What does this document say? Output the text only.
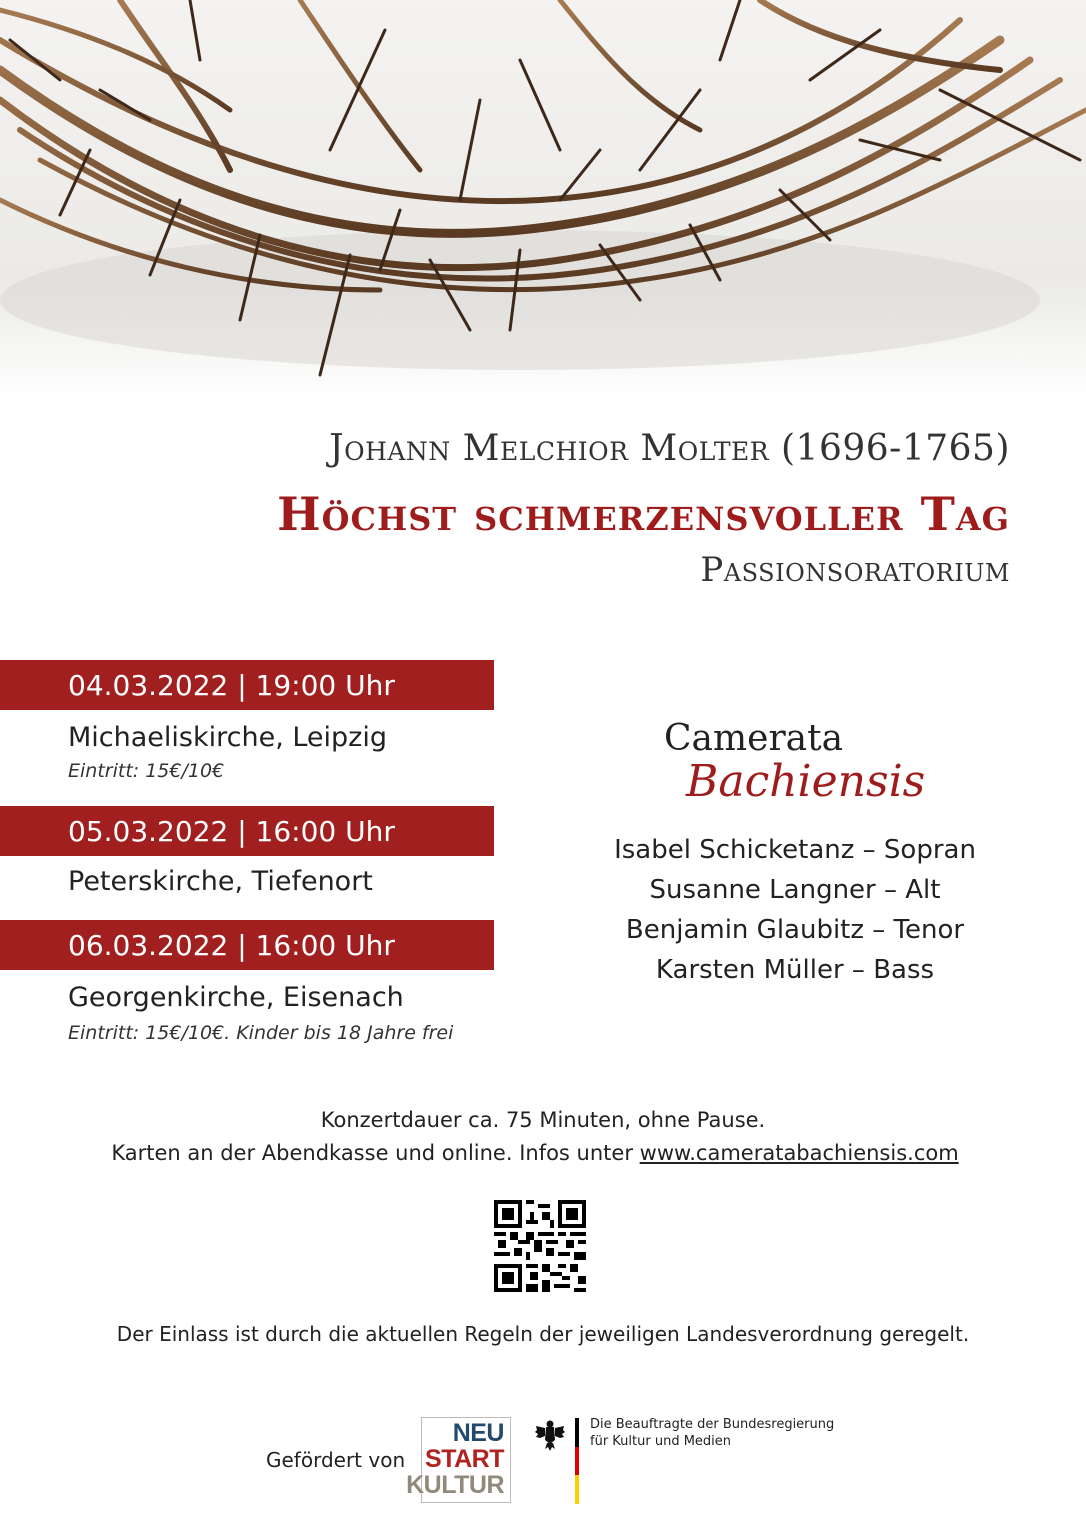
Johann Melchior Molter (1696-1765)
Höchst schmerzensvoller Tag
Passionsoratorium
04.03.2022 | 19:00 Uhr
Michaeliskirche, Leipzig
Eintritt: 15€/10€
05.03.2022 | 16:00 Uhr
Peterskirche, Tiefenort
06.03.2022 | 16:00 Uhr
Georgenkirche, Eisenach
Eintritt: 15€/10€. Kinder bis 18 Jahre frei
Camerata
Bachiensis
Isabel Schicketanz – Sopran
Susanne Langner – Alt
Benjamin Glaubitz – Tenor
Karsten Müller – Bass
Konzertdauer ca. 75 Minuten, ohne Pause.
Karten an der Abendkasse und online. Infos unter www.cameratabachiensis.com
Der Einlass ist durch die aktuellen Regeln der jeweiligen Landesverordnung geregelt.
Gefördert von
NEU
START
KULTUR
Die Beauftragte der Bundesregierung
für Kultur und Medien
